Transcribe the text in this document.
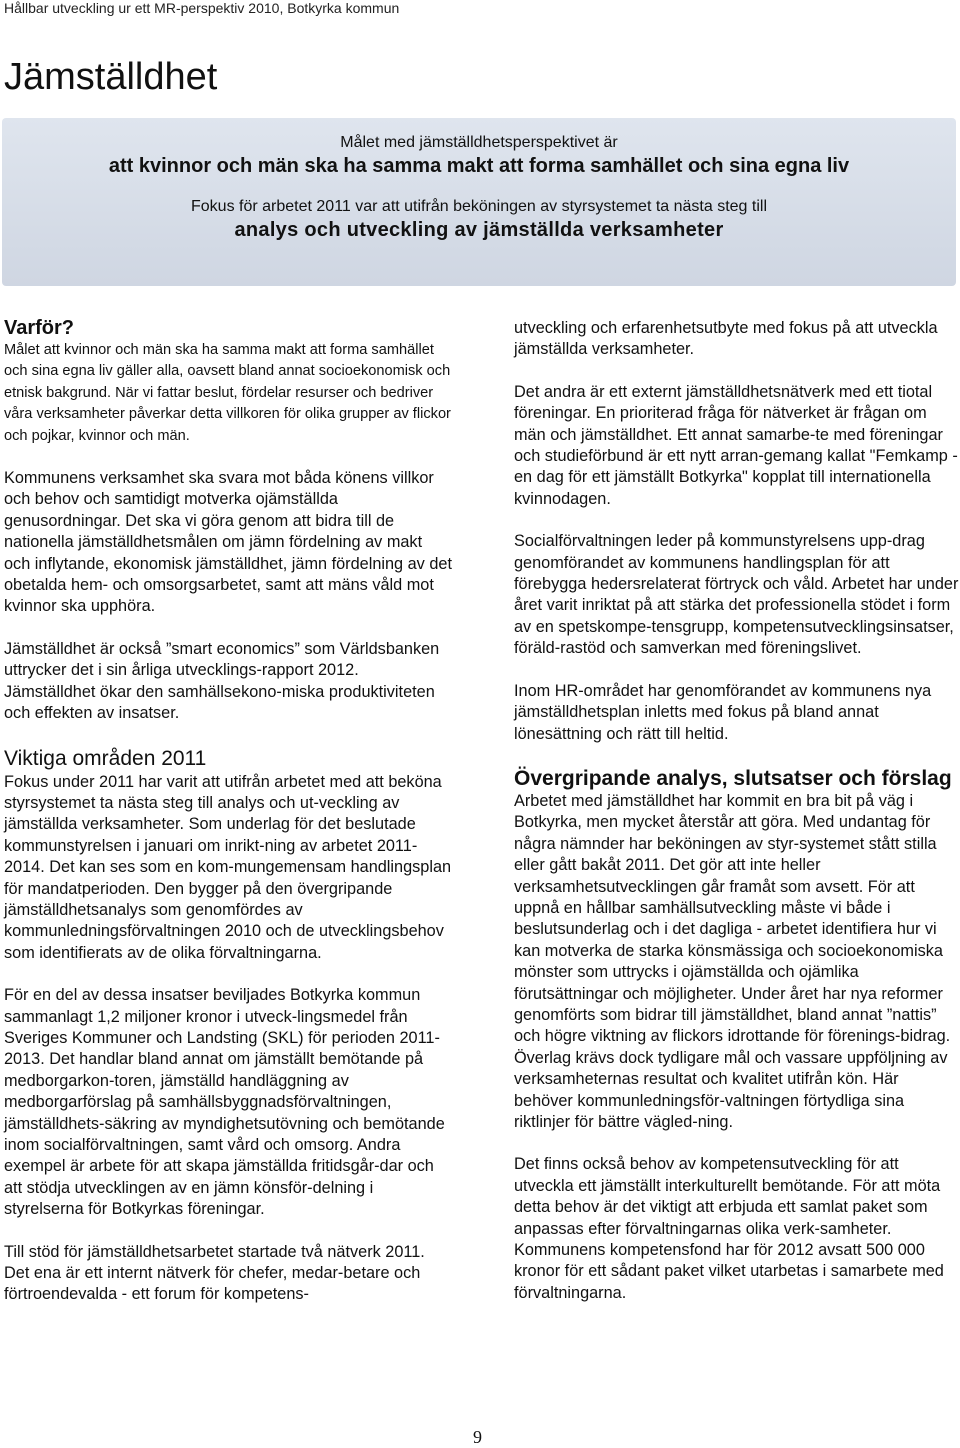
Hållbar utveckling ur ett MR-perspektiv 2010, Botkyrka kommun
Jämställdhet
Målet med jämställdhetsperspektivet är
att kvinnor och män ska ha samma makt att forma samhället och sina egna liv
Fokus för arbetet 2011 var att utifrån beköningen av styrsystemet ta nästa steg till
analys och utveckling av jämställda verksamheter
Varför?

Målet att kvinnor och män ska ha samma makt att forma samhället och sina egna liv gäller alla, oavsett bland annat socioekonomisk och etnisk bakgrund. När vi fattar beslut, fördelar resurser och bedriver våra verksamheter påverkar detta villkoren för olika grupper av flickor och pojkar, kvinnor och män.

Kommunens verksamhet ska svara mot båda könens villkor och behov och samtidigt motverka ojämställda genusordningar. Det ska vi göra genom att bidra till de nationella jämställdhetsmålen om jämn fördelning av makt och inflytande, ekonomisk jämställdhet, jämn fördelning av det obetalda hem- och omsorgsarbetet, samt att mäns våld mot kvinnor ska upphöra.

Jämställdhet är också ”smart economics” som Världsbanken uttrycker det i sin årliga utvecklings-rapport 2012. Jämställdhet ökar den samhällsekono-miska produktiviteten och effekten av insatser.

Viktiga områden 2011

Fokus under 2011 har varit att utifrån arbetet med att beköna styrsystemet ta nästa steg till analys och ut-veckling av jämställda verksamheter. Som underlag för det beslutade kommunstyrelsen i januari om inrikt-ning av arbetet 2011-2014. Det kan ses som en kom-mungemensam handlingsplan för mandatperioden. Den bygger på den övergripande jämställdhetsanalys som genomfördes av kommunledningsförvaltningen 2010 och de utvecklingsbehov som identifierats av de olika förvaltningarna.

För en del av dessa insatser beviljades Botkyrka kommun sammanlagt 1,2 miljoner kronor i utveck-lingsmedel från Sveriges Kommuner och Landsting (SKL) för perioden 2011-2013. Det handlar bland annat om jämställt bemötande på medborgarkon-toren, jämställd handläggning av medborgarförslag på samhällsbyggnadsförvaltningen, jämställdhets-säkring av myndighetsutövning och bemötande inom socialförvaltningen, samt vård och omsorg. Andra exempel är arbete för att skapa jämställda fritidsgår-dar och att stödja utvecklingen av en jämn könsför-delning i styrelserna för Botkyrkas föreningar.

Till stöd för jämställdhetsarbetet startade två nätverk 2011. Det ena är ett internt nätverk för chefer, medar-betare och förtroendevalda - ett forum för kompetens-

utveckling och erfarenhetsutbyte med fokus på att utveckla jämställda verksamheter.

Det andra är ett externt jämställdhetsnätverk med ett tiotal föreningar. En prioriterad fråga för nätverket är frågan om män och jämställdhet. Ett annat samarbe-te med föreningar och studieförbund är ett nytt arran-gemang kallat "Femkamp - en dag för ett jämställt Botkyrka" kopplat till internationella kvinnodagen.

Socialförvaltningen leder på kommunstyrelsens upp-drag genomförandet av kommunens handlingsplan för att förebygga hedersrelaterat förtryck och våld. Arbetet har under året varit inriktat på att stärka det professionella stödet i form av en spetskompe-tensgrupp, kompetensutvecklingsinsatser, föräld-rastöd och samverkan med föreningslivet.

Inom HR-området har genomförandet av kommunens nya jämställdhetsplan inletts med fokus på bland annat lönesättning och rätt till heltid.

Övergripande analys, slutsatser och förslag

Arbetet med jämställdhet har kommit en bra bit på väg i Botkyrka, men mycket återstår att göra. Med undantag för några nämnder har beköningen av styr-systemet stått stilla eller gått bakåt 2011. Det gör att inte heller verksamhetsutvecklingen går framåt som avsett. För att uppnå en hållbar samhällsutveckling måste vi både i beslutsunderlag och i det dagliga - arbetet identifiera hur vi kan motverka de starka könsmässiga och socioekonomiska mönster som uttrycks i ojämställda och ojämlika förutsättningar och möjligheter. Under året har nya reformer genomförts som bidrar till jämställdhet, bland annat ”nattis” och högre viktning av flickors idrottande för förenings-bidrag. Överlag krävs dock tydligare mål och vassare uppföljning av verksamheternas resultat och kvalitet utifrån kön. Här behöver kommunledningsför-valtningen förtydliga sina riktlinjer för bättre vägled-ning.

Det finns också behov av kompetensutveckling för att utveckla ett jämställt interkulturellt bemötande. För att möta detta behov är det viktigt att erbjuda ett samlat paket som anpassas efter förvaltningarnas olika verk-samheter. Kommunens kompetensfond har för 2012 avsatt 500 000 kronor för ett sådant paket vilket utarbetas i samarbete med förvaltningarna.

9
